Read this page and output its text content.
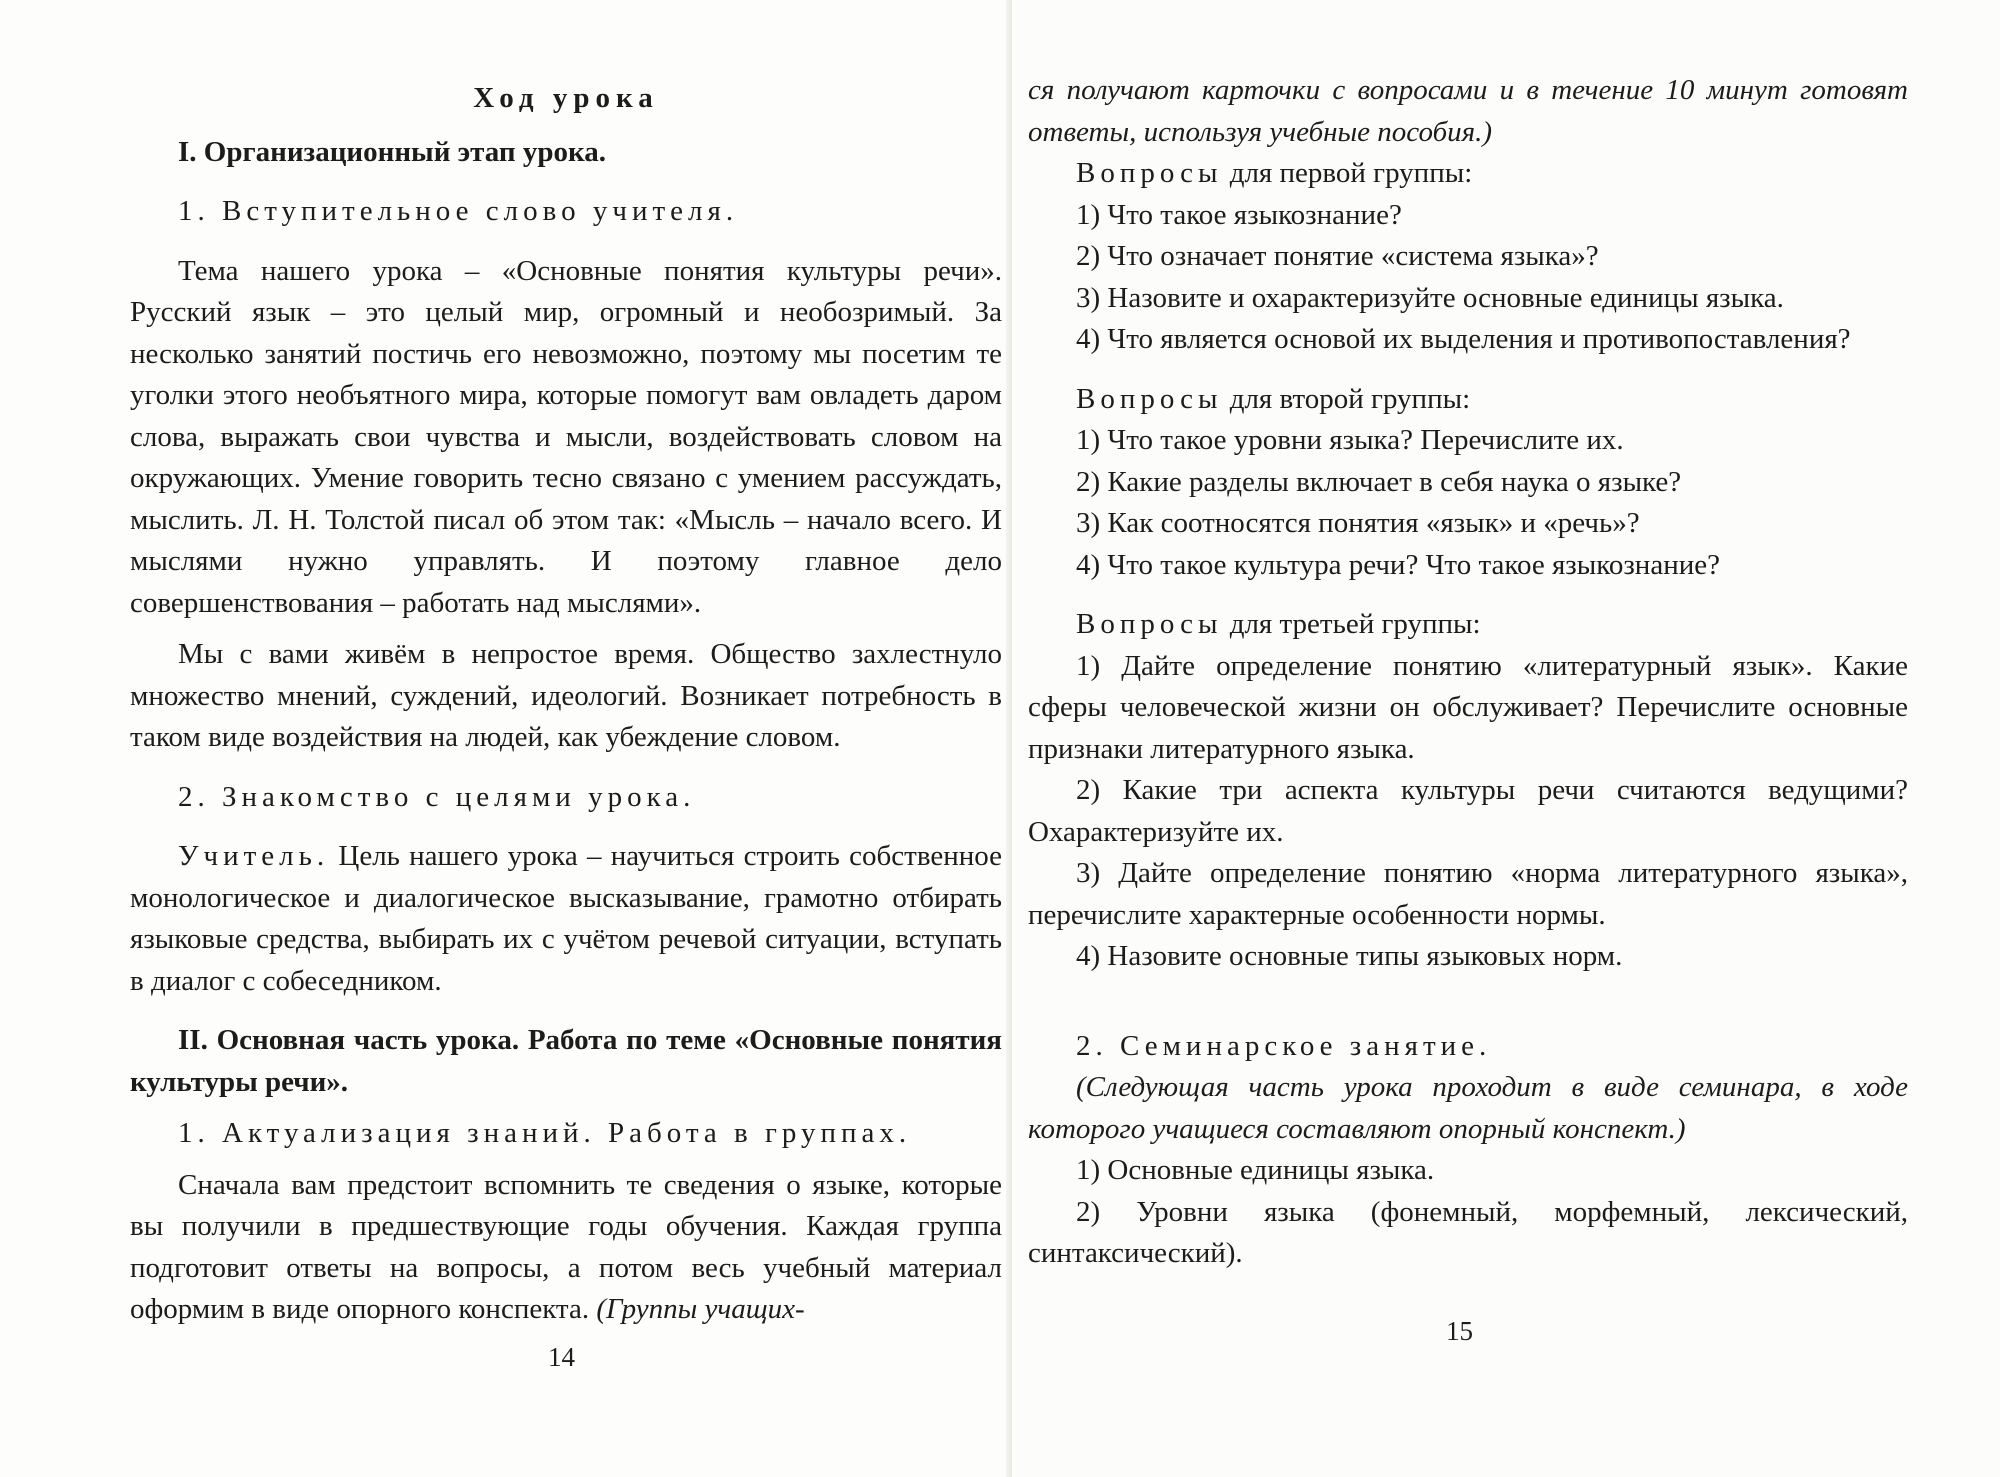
Ход урока

I. Организационный этап урока.

1. Вступительное слово учителя.

Тема нашего урока – «Основные понятия культуры речи». Русский язык – это целый мир, огромный и необозримый. За несколько занятий постичь его невозможно, поэтому мы посетим те уголки этого необъятного мира, которые помогут вам овладеть даром слова, выражать свои чувства и мысли, воздействовать словом на окружающих. Умение говорить тесно связано с умением рассуждать, мыслить. Л. Н. Толстой писал об этом так: «Мысль – начало всего. И мыслями нужно управлять. И поэтому главное дело совершенствования – работать над мыслями».

Мы с вами живём в непростое время. Общество захлестнуло множество мнений, суждений, идеологий. Возникает потребность в таком виде воздействия на людей, как убеждение словом.

2. Знакомство с целями урока.

Учитель. Цель нашего урока – научиться строить собственное монологическое и диалогическое высказывание, грамотно отбирать языковые средства, выбирать их с учётом речевой ситуации, вступать в диалог с собеседником.

II. Основная часть урока. Работа по теме «Основные понятия культуры речи».

1. Актуализация знаний. Работа в группах.

Сначала вам предстоит вспомнить те сведения о языке, которые вы получили в предшествующие годы обучения. Каждая группа подготовит ответы на вопросы, а потом весь учебный материал оформим в виде опорного конспекта. (Группы учащих-

14

ся получают карточки с вопросами и в течение 10 минут готовят ответы, используя учебные пособия.)

Вопросы для первой группы:

1) Что такое языкознание?

2) Что означает понятие «система языка»?

3) Назовите и охарактеризуйте основные единицы языка.

4) Что является основой их выделения и противопоставления?

Вопросы для второй группы:

1) Что такое уровни языка? Перечислите их.

2) Какие разделы включает в себя наука о языке?

3) Как соотносятся понятия «язык» и «речь»?

4) Что такое культура речи? Что такое языкознание?

Вопросы для третьей группы:

1) Дайте определение понятию «литературный язык». Какие сферы человеческой жизни он обслуживает? Перечислите основные признаки литературного языка.

2) Какие три аспекта культуры речи считаются ведущими? Охарактеризуйте их.

3) Дайте определение понятию «норма литературного языка», перечислите характерные особенности нормы.

4) Назовите основные типы языковых норм.

2. Семинарское занятие.

(Следующая часть урока проходит в виде семинара, в ходе которого учащиеся составляют опорный конспект.)

1) Основные единицы языка.

2) Уровни языка (фонемный, морфемный, лексический, синтаксический).

15
